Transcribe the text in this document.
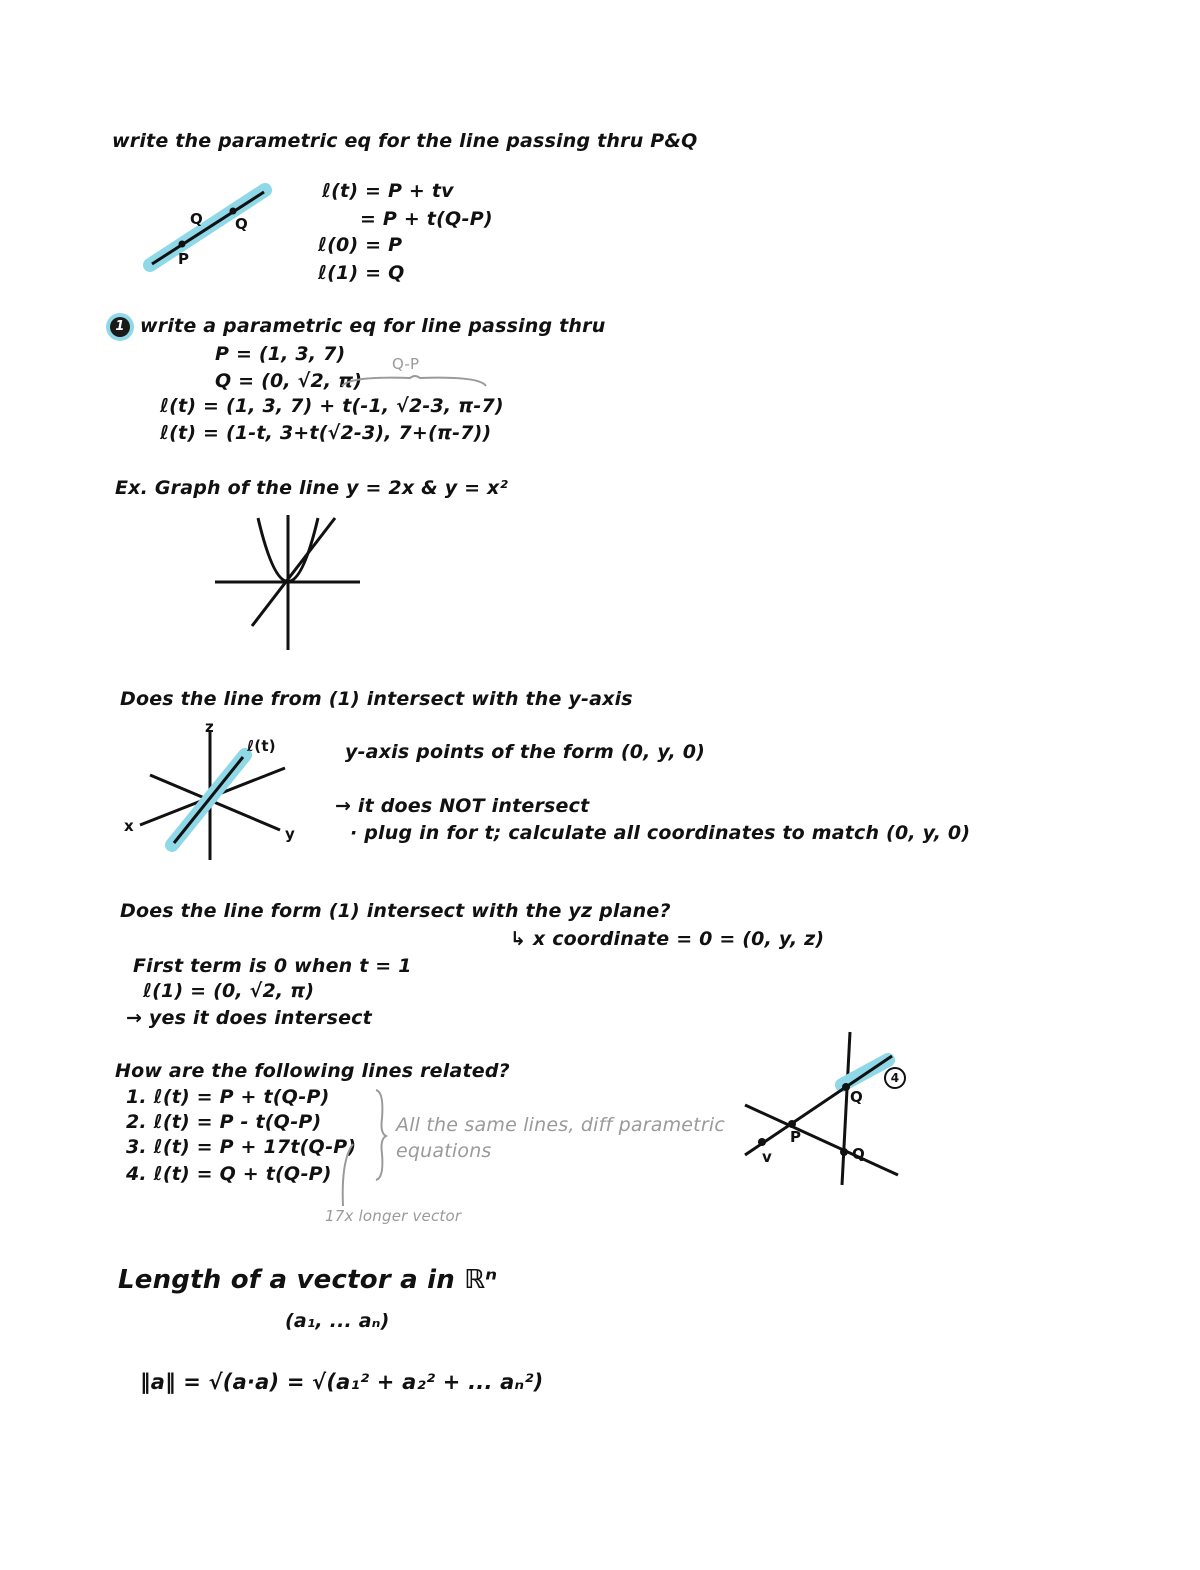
write the parametric eq for the line passing thru P&Q
Q Q
P
ℓ(t) = P + tv
= P + t(Q-P)
ℓ(0) = P
ℓ(1) = Q
1 write a parametric eq for line passing thru
P = (1, 3, 7)
Q = (0, √2, π)
Q-P
ℓ(t) = (1, 3, 7) + t(-1, √2-3, π-7)
ℓ(t) = (1-t, 3+t(√2-3), 7+(π-7))
Ex. Graph of the line y = 2x & y = x²
Does the line from (1) intersect with the y-axis
z
x	y
ℓ(t)	y-axis points of the form (0, y, 0)
→ it does NOT intersect
· plug in for t; calculate all coordinates to match (0, y, 0)
Does the line form (1) intersect with the yz plane?
↳ x coordinate = 0 = (0, y, z)
First term is 0 when t = 1
ℓ(1) = (0, √2, π)
→ yes it does intersect
How are the following lines related?
1. ℓ(t) = P + t(Q-P)
2. ℓ(t) = P - t(Q-P)
3. ℓ(t) = P + 17t(Q-P)
4. ℓ(t) = Q + t(Q-P)
All the same lines, diff parametric
equations
17x longer vector
Q
P
v	Q
4
Length of a vector a in ℝⁿ
(a₁, ... aₙ)
‖a‖ = √(a·a) = √(a₁² + a₂² + ... aₙ²)
